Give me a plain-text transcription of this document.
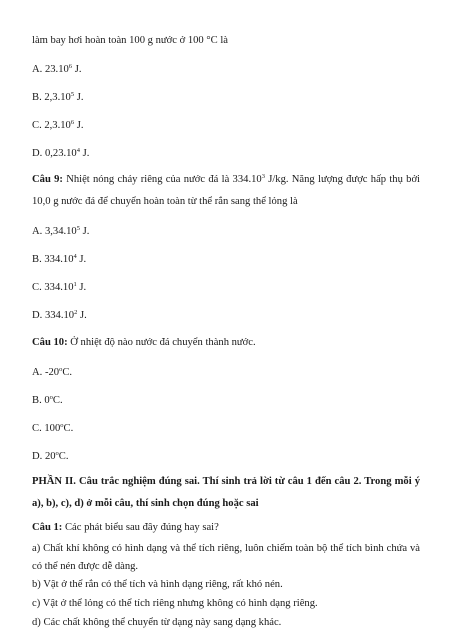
làm bay hơi hoàn toàn 100 g nước ở 100 °C là
A. 23.10$^6$ J.
B. 2,3.10$^5$ J.
C. 2,3.10$^6$ J.
D. 0,23.10$^4$ J.
Câu 9: Nhiệt nóng chảy riêng của nước đá là 334.10$^3$ J/kg. Năng lượng được hấp thụ bởi 10,0 g nước đá để chuyển hoàn toàn từ thể rắn sang thể lỏng là
A. 3,34.10$^5$ J.
B. 334.10$^4$ J.
C. 334.10$^1$ J.
D. 334.10$^2$ J.
Câu 10: Ở nhiệt độ nào nước đá chuyển thành nước.
A. -20$^o$C.
B. 0$^o$C.
C. 100$^o$C.
D. 20$^o$C.
PHẦN II. Câu trắc nghiệm đúng sai. Thí sinh trả lời từ câu 1 đến câu 2. Trong mỗi ý a), b), c), d) ở mỗi câu, thí sinh chọn đúng hoặc sai
Câu 1: Các phát biểu sau đây đúng hay sai?
a) Chất khí không có hình dạng và thể tích riêng, luôn chiếm toàn bộ thể tích bình chứa và có thể nén được dễ dàng.
b) Vật ở thể rắn có thể tích và hình dạng riêng, rất khó nén.
c) Vật ở thể lỏng có thể tích riêng nhưng không có hình dạng riêng.
d) Các chất không thể chuyển từ dạng này sang dạng khác.
